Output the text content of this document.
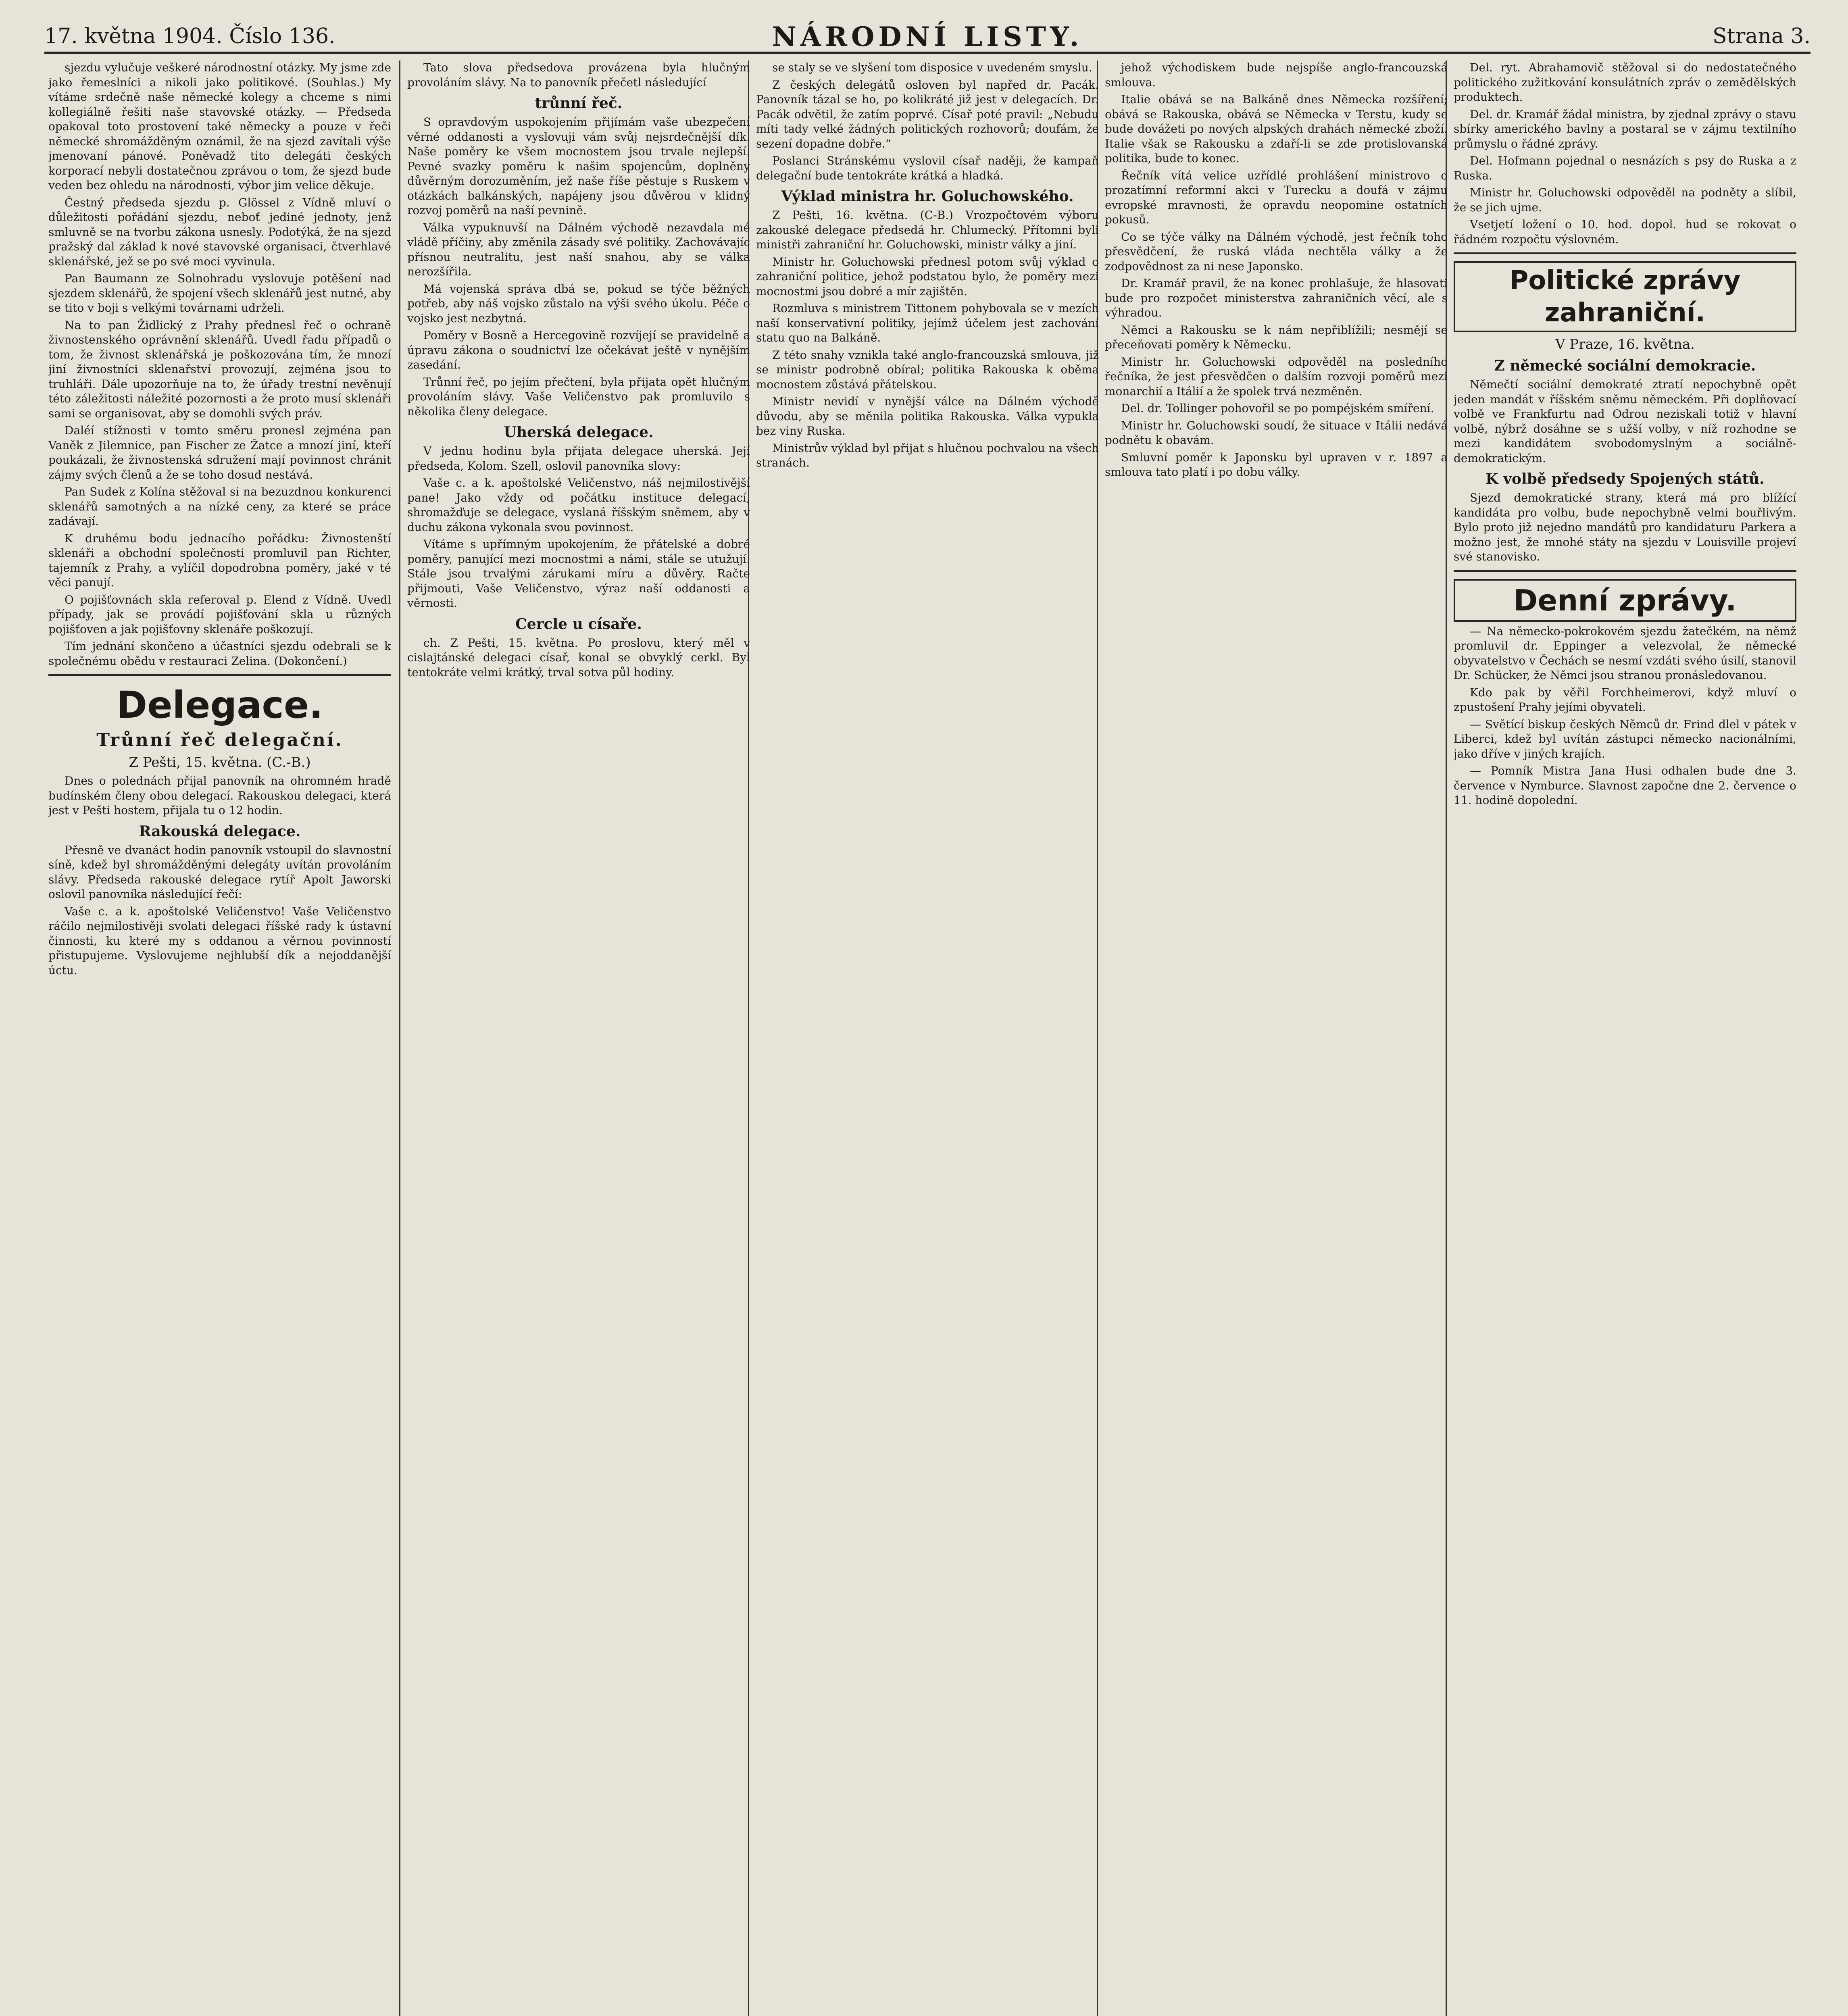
17. května 1904. Číslo 136.	NÁRODNÍ LISTY.	Strana 3.

sjezdu vylučuje veškeré národnostní otázky. My jsme zde jako řemeslníci a nikoli jako politikové. (Souhlas.) My vítáme srdečně naše německé kolegy a chceme s nimi kollegiálně řešiti naše stavovské otázky. — Předseda opakoval toto prostovení také německy a pouze v řeči německé shromážděným oznámil, že na sjezd zavítali výše jmenovaní pánové. Poněvadž tito delegáti českých korporací nebyli dostatečnou zprávou o tom, že sjezd bude veden bez ohledu na národnosti, výbor jim velice děkuje.

Čestný předseda sjezdu p. Glössel z Vídně mluví o důležitosti pořádání sjezdu, neboť jediné jednoty, jenž smluvně se na tvorbu zákona usnesly. Podotýká, že na sjezd pražský dal základ k nové stavovské organisaci, čtverhlavé sklenářské, jež se po své moci vyvinula.

Pan Baumann ze Solnohradu vyslovuje potěšení nad sjezdem sklenářů, že spojení všech sklenářů jest nutné, aby se tito v boji s velkými továrnami udrželi.

Na to pan Židlický z Prahy přednesl řeč o ochraně živnostenského oprávnění sklenářů. Uvedl řadu případů o tom, že živnost sklenářská je poškozována tím, že mnozí jiní živnostníci sklenařství provozují, zejména jsou to truhláři. Dále upozorňuje na to, že úřady trestní nevěnují této záležitosti náležité pozornosti a že proto musí sklenáři sami se organisovat, aby se domohli svých práv.

Daléí stížnosti v tomto směru pronesl zejména pan Vaněk z Jilemnice, pan Fischer ze Žatce a mnozí jiní, kteří poukázali, že živnostenská sdružení mají povinnost chránit zájmy svých členů a že se toho dosud nestává.

Pan Sudek z Kolína stěžoval si na bezuzdnou konkurenci sklenářů samotných a na nízké ceny, za které se práce zadávají.

K druhému bodu jednacího pořádku: Živnostenští sklenáři a obchodní společnosti promluvil pan Richter, tajemník z Prahy, a vylíčil dopodrobna poměry, jaké v té věci panují.

O pojišťovnách skla referoval p. Elend z Vídně. Uvedl případy, jak se provádí pojišťování skla u různých pojišťoven a jak pojišťovny sklenáře poškozují.

Tím jednání skončeno a účastníci sjezdu odebrali se k společnému obědu v restauraci Zelina. (Dokončení.)

Delegace.
Trůnní řeč delegační.
Z Pešti, 15. května. (C.-B.)

Dnes o polednách přijal panovník na ohromném hradě budínském členy obou delegací. Rakouskou delegaci, která jest v Pešti hostem, přijala tu o 12 hodin.

Rakouská delegace.

Přesně ve dvanáct hodin panovník vstoupil do slavnostní síně, kdež byl shromážděnými delegáty uvítán provoláním slávy. Předseda rakouské delegace rytíř Apolt Jaworski oslovil panovníka následující řečí:

Vaše c. a k. apoštolské Veličenstvo! Vaše Veličenstvo ráčilo nejmilostivěji svolati delegaci říšské rady k ústavní činnosti, ku které my s oddanou a věrnou povinností přistupujeme. Vyslovujeme nejhlubší dík a nejoddanější úctu.

Tato slova předsedova provázena byla hlučným provoláním slávy. Na to panovník přečetl následující

trůnní řeč.

S opravdovým uspokojením přijímám vaše ubezpečení věrné oddanosti a vyslovuji vám svůj nejsrdečnější dík. Naše poměry ke všem mocnostem jsou trvale nejlepší. Pevné svazky poměru k našim spojencům, doplněny důvěrným dorozuměním, jež naše říše pěstuje s Ruskem v otázkách balkánských, napájeny jsou důvěrou v klidný rozvoj poměrů na naší pevnině.

Válka vypuknuvší na Dálném východě nezavdala mé vládě příčiny, aby změnila zásady své politiky. Zachovávajíc přísnou neutralitu, jest naší snahou, aby se válka nerozšířila.

Má vojenská správa dbá se, pokud se týče běžných potřeb, aby náš vojsko zůstalo na výši svého úkolu. Péče o vojsko jest nezbytná.

Poměry v Bosně a Hercegovině rozvíjejí se pravidelně a úpravu zákona o soudnictví lze očekávat ještě v nynějším zasedání.

Trůnní řeč, po jejím přečtení, byla přijata opět hlučným provoláním slávy. Vaše Veličenstvo pak promluvilo s několika členy delegace.

Uherská delegace.

V jednu hodinu byla přijata delegace uherská. Její předseda, Kolom. Szell, oslovil panovníka slovy:

Vaše c. a k. apoštolské Veličenstvo, náš nejmilostivější pane! Jako vždy od počátku instituce delegací, shromažďuje se delegace, vyslaná říšským sněmem, aby v duchu zákona vykonala svou povinnost.

Vítáme s upřímným upokojením, že přátelské a dobré poměry, panující mezi mocnostmi a námi, stále se utužují. Stále jsou trvalými zárukami míru a důvěry. Račte přijmouti, Vaše Veličenstvo, výraz naší oddanosti a věrnosti.

Cercle u císaře.

ch. Z Pešti, 15. května. Po proslovu, který měl v cislajtánské delegaci císař, konal se obvyklý cerkl. Byl tentokráte velmi krátký, trval sotva půl hodiny.

se staly se ve slyšení tom disposice v uvedeném smyslu.

Z českých delegátů osloven byl napřed dr. Pacák. Panovník tázal se ho, po kolikráté již jest v delegacích. Dr. Pacák odvětil, že zatím poprvé. Císař poté pravil: „Nebudu míti tady velké žádných politických rozhovorů; doufám, že sezení dopadne dobře.“

Poslanci Stránskému vyslovil císař naději, že kampaň delegační bude tentokráte krátká a hladká.

Výklad ministra hr. Goluchowského.

Z Pešti, 16. května. (C-B.) Vrozpočtovém výboru zakouské delegace předsedá hr. Chlumecký. Přítomni byli ministři zahraniční hr. Goluchowski, ministr války a jiní.

Ministr hr. Goluchowski přednesl potom svůj výklad o zahraniční politice, jehož podstatou bylo, že poměry mezi mocnostmi jsou dobré a mír zajištěn.

Rozmluva s ministrem Tittonem pohybovala se v mezích naší konservativní politiky, jejímž účelem jest zachování statu quo na Balkáně.

Z této snahy vznikla také anglo-francouzská smlouva, již se ministr podrobně obíral; politika Rakouska k oběma mocnostem zůstává přátelskou.

Ministr nevidí v nynější válce na Dálném východě důvodu, aby se měnila politika Rakouska. Válka vypukla bez viny Ruska.

Ministrův výklad byl přijat s hlučnou pochvalou na všech stranách.

jehož východiskem bude nejspíše anglo-francouzská smlouva.

Italie obává se na Balkáně dnes Německa rozšíření; obává se Rakouska, obává se Německa v Terstu, kudy se bude dovážeti po nových alpských drahách německé zboží. Italie však se Rakousku a zdaří-li se zde protislovanská politika, bude to konec.

Řečník vítá velice uzřídlé prohlášení ministrovo o prozatímní reformní akci v Turecku a doufá v zájmu evropské mravnosti, že opravdu neopomine ostatních pokusů.

Co se týče války na Dálném východě, jest řečník toho přesvědčení, že ruská vláda nechtěla války a že zodpovědnost za ni nese Japonsko.

Dr. Kramář pravil, že na konec prohlašuje, že hlasovati bude pro rozpočet ministerstva zahraničních věcí, ale s výhradou.

Němci a Rakousku se k nám nepřiblížili; nesmějí se přeceňovati poměry k Německu.

Ministr hr. Goluchowski odpověděl na posledního řečníka, že jest přesvědčen o dalším rozvoji poměrů mezi monarchií a Itálií a že spolek trvá nezměněn.

Del. dr. Tollinger pohovořil se po pompéjském smíření.

Ministr hr. Goluchowski soudí, že situace v Itálii nedává podnětu k obavám.

Smluvní poměr k Japonsku byl upraven v r. 1897 a smlouva tato platí i po dobu války.

Del. ryt. Abrahamovič stěžoval si do nedostatečného politického zužitkování konsulátních zpráv o zemědělských produktech.

Del. dr. Kramář žádal ministra, by zjednal zprávy o stavu sbírky amerického bavlny a postaral se v zájmu textilního průmyslu o řádné zprávy.

Del. Hofmann pojednal o nesnázích s psy do Ruska a z Ruska.

Ministr hr. Goluchowski odpověděl na podněty a slíbil, že se jich ujme.

Vsetjetí ložení o 10. hod. dopol. hud se rokovat o řádném rozpočtu výslovném.

Politické zprávy zahraniční.
V Praze, 16. května.
Z německé sociální demokracie.

Němečtí sociální demokraté ztratí nepochybně opět jeden mandát v říšském sněmu německém. Při doplňovací volbě ve Frankfurtu nad Odrou neziskali totiž v hlavní volbě, nýbrž dosáhne se s užší volby, v níž rozhodne se mezi kandidátem svobodomyslným a sociálně-demokratickým.

K volbě předsedy Spojených států.

Sjezd demokratické strany, která má pro blížící kandidáta pro volbu, bude nepochybně velmi bouřlivým. Bylo proto již nejedno mandátů pro kandidaturu Parkera a možno jest, že mnohé státy na sjezdu v Louisville projeví své stanovisko.

Denní zprávy.

— Na německo-pokrokovém sjezdu žatečkém, na němž promluvil dr. Eppinger a velezvolal, že německé obyvatelstvo v Čechách se nesmí vzdáti svého úsilí, stanovil Dr. Schücker, že Němci jsou stranou pronásledovanou.

Kdo pak by věřil Forchheimerovi, když mluví o zpustošení Prahy jejími obyvateli.

— Světící biskup českých Němců dr. Frind dlel v pátek v Liberci, kdež byl uvítán zástupci německo nacionálními, jako dříve v jiných krajích.

— Pomník Mistra Jana Husi odhalen bude dne 3. července v Nymburce. Slavnost započne dne 2. července o 11. hodině dopolední.
